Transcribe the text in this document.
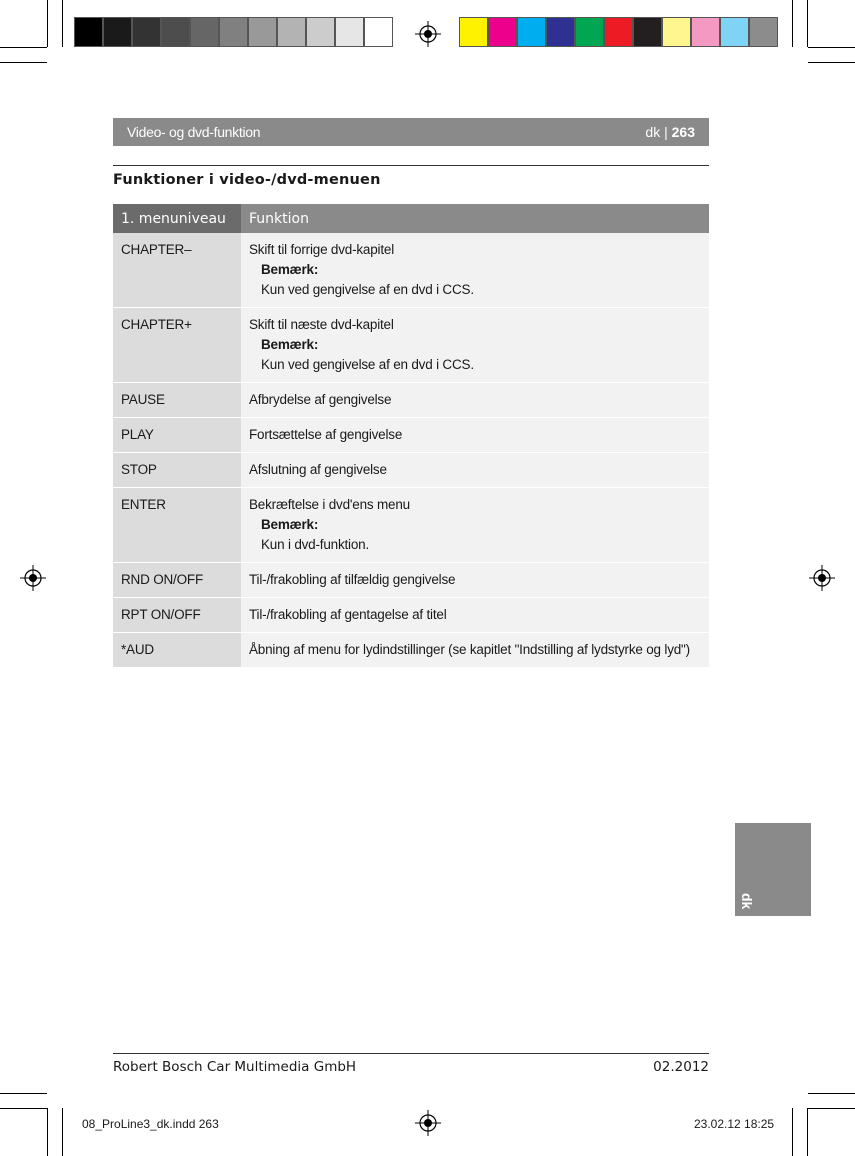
Video- og dvd-funktion	dk | 263
Funktioner i video-/dvd-menuen
1. menuniveau	Funktion
CHAPTER–	Skift til forrige dvd-kapitel
Bemærk:
Kun ved gengivelse af en dvd i CCS.

CHAPTER+	Skift til næste dvd-kapitel
Bemærk:
Kun ved gengivelse af en dvd i CCS.

PAUSE	Afbrydelse af gengivelse

PLAY	Fortsættelse af gengivelse

STOP	Afslutning af gengivelse

ENTER	Bekræftelse i dvd'ens menu
Bemærk:
Kun i dvd-funktion.

RND ON/OFF	Til-/frakobling af tilfældig gengivelse

RPT ON/OFF	Til-/frakobling af gentagelse af titel

*AUD	Åbning af menu for lydindstillinger (se kapitlet "Indstilling af lydstyrke og lyd")
dk
Robert Bosch Car Multimedia GmbH	02.2012
08_ProLine3_dk.indd 263	23.02.12 18:25
